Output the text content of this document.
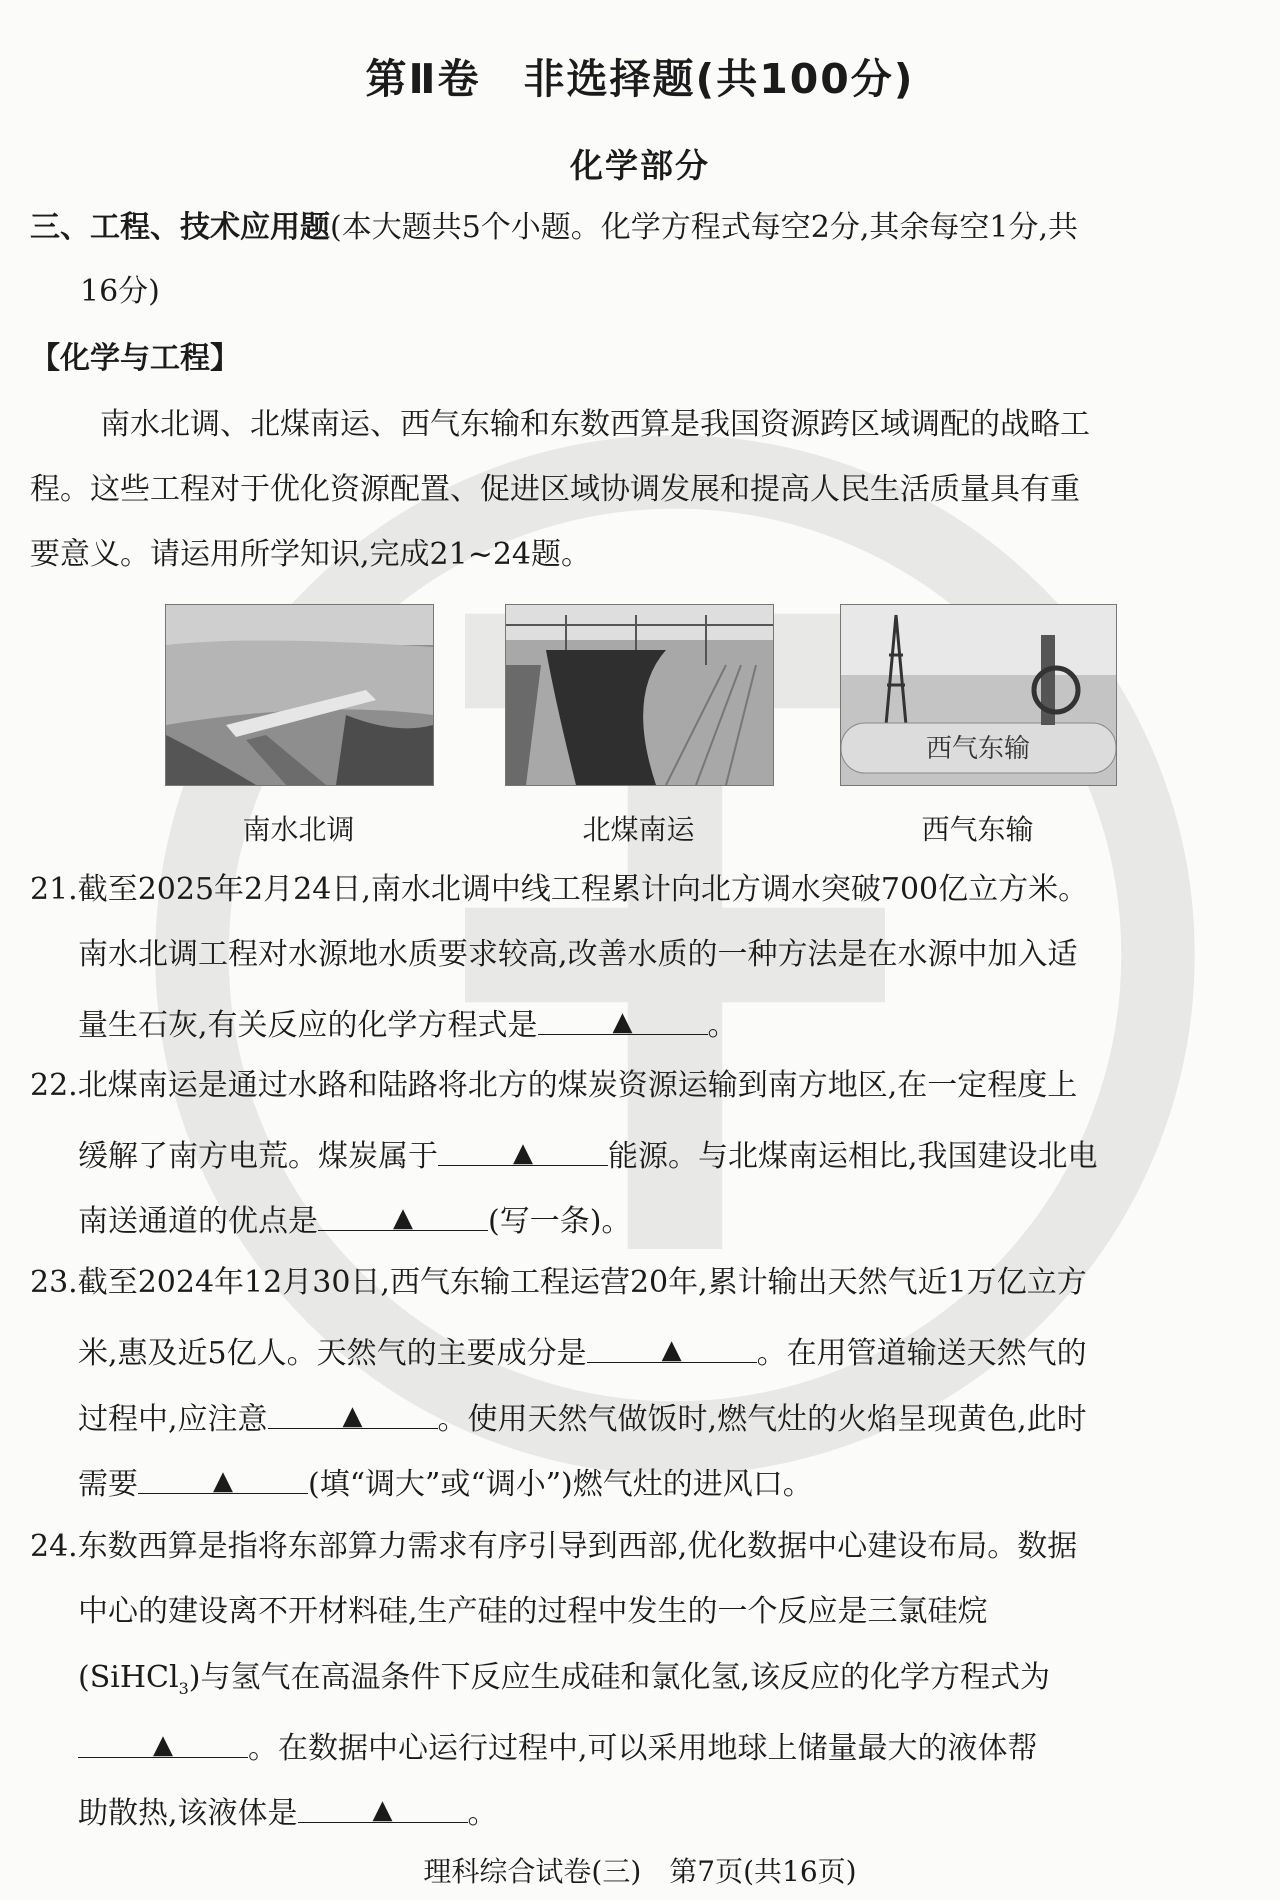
第Ⅱ卷　非选择题(共100分)
化学部分
三、工程、技术应用题(本大题共5个小题。化学方程式每空2分,其余每空1分,共
16分)
【化学与工程】
南水北调、北煤南运、西气东输和东数西算是我国资源跨区域调配的战略工
程。这些工程对于优化资源配置、促进区域协调发展和提高人民生活质量具有重
要意义。请运用所学知识,完成21~24题。
西气东输
南水北调	北煤南运	西气东输
21.截至2025年2月24日,南水北调中线工程累计向北方调水突破700亿立方米。
南水北调工程对水源地水质要求较高,改善水质的一种方法是在水源中加入适
量生石灰,有关反应的化学方程式是	▲	。
22.北煤南运是通过水路和陆路将北方的煤炭资源运输到南方地区,在一定程度上
缓解了南方电荒。煤炭属于	▲	能源。与北煤南运相比,我国建设北电
南送通道的优点是	▲	(写一条)。
23.截至2024年12月30日,西气东输工程运营20年,累计输出天然气近1万亿立方
米,惠及近5亿人。天然气的主要成分是	▲	。在用管道输送天然气的
过程中,应注意	▲	。使用天然气做饭时,燃气灶的火焰呈现黄色,此时
需要	▲	(填“调大”或“调小”)燃气灶的进风口。
24.东数西算是指将东部算力需求有序引导到西部,优化数据中心建设布局。数据
中心的建设离不开材料硅,生产硅的过程中发生的一个反应是三氯硅烷
(SiHCl$_3$)与氢气在高温条件下反应生成硅和氯化氢,该反应的化学方程式为
▲	。在数据中心运行过程中,可以采用地球上储量最大的液体帮
助散热,该液体是	▲	。
理科综合试卷(三)　第7页(共16页)
